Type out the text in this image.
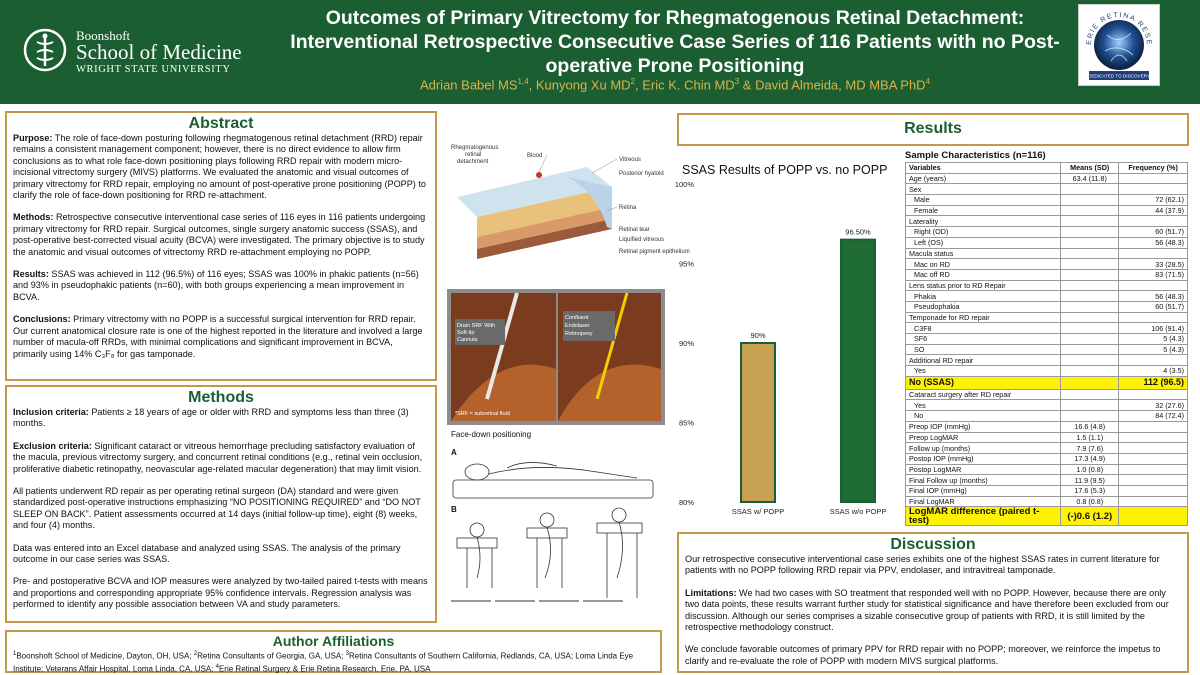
Boonshoft
School of Medicine
WRIGHT STATE UNIVERSITY
Outcomes of Primary Vitrectomy for Rhegmatogenous Retinal Detachment: Interventional Retrospective Consecutive Case Series of 116 Patients with no Post-operative Prone Positioning
Adrian Babel MS$^{1,4}$, Kunyong Xu $MD^2$, Eric K. Chin $MD^3$ & David Almeida, MD MBA PhD$^4$
ERIE RETINA RESE
DEDICATED TO DISCOVERY
Abstract

Purpose: The role of face-down posturing following rhegmatogenous retinal detachment (RRD) repair remains a consistent management component; however, there is no direct evidence to allow firm conclusions as to what role face-down positioning plays following RRD repair with modern micro-incisional vitrectomy surgery (MIVS) platforms. We evaluated the anatomic and visual outcomes of primary vitrectomy for RRD repair, employing no amount of post-operative prone positioning (POPP) to clarify the role of face-down positioning for RRD re-attachment.

Methods: Retrospective consecutive interventional case series of 116 eyes in 116 patients undergoing primary vitrectomy for RRD repair. Surgical outcomes, single surgery anatomic success (SSAS), and post-operative best-corrected visual acuity (BCVA) were investigated. The primary objective is to study the anatomic and visual outcomes of vitrectomy RRD re-attachment employing no POPP.

Results: SSAS was achieved in 112 (96.5%) of 116 eyes; SSAS was 100% in phakic patients (n=56) and 93% in pseudophakic patients (n=60), with both groups experiencing a mean improvement in BCVA.

Conclusions: Primary vitrectomy with no POPP is a successful surgical intervention for RRD repair. Our current anatomical closure rate is one of the highest reported in the literature and involved a large number of macula-off RRDs, with minimal complications and significant improvement in BCVA, primarily using 14% C₃F₈ for gas tamponade.

Methods

Inclusion criteria: Patients ≥ 18 years of age or older with RRD and symptoms less than three (3) months.

Exclusion criteria: Significant cataract or vitreous hemorrhage precluding satisfactory evaluation of the macula, previous vitrectomy surgery, and concurrent retinal conditions (e.g., retinal vein occlusion, proliferative diabetic retinopathy, neovascular age-related macular degeneration) that may limit vision.

All patients underwent RD repair as per operating retinal surgeon (DA) standard and were given standardized post-operative instructions emphasizing “NO POSITIONING REQUIRED” and “DO NOT SLEEP ON BACK”. Patient assessments occurred at 14 days (initial follow-up time), eight (8) weeks, and four (4) months.

Data was entered into an Excel database and analyzed using SSAS. The analysis of the primary outcome in our case series was SSAS.

Pre- and postoperative BCVA and IOP measures were analyzed by two-tailed paired t-tests with means and proportions and corresponding appropriate 95% confidence intervals. Regression analysis was performed to identify any possible association between VA and study parameters.

Author Affiliations
$^1$Boonshoft School of Medicine, Dayton, OH, USA; $^2$Retina Consultants of Georgia, GA, USA; $^3$Retina Consultants of Southern California, Redlands, CA, USA; Loma Linda Eye Institute; Veterans Affair Hospital, Loma Linda, CA, USA; $^4$Erie Retinal Surgery & Erie Retina Research, Erie, PA, USA
Rhegmatogenous
retinal
detachment
Blood
Vitreous
Posterior hyaloid
Retina
Retinal tear
Liquified vitreous
Retinal pigment epithelium
Drain SRF With
Soft-tip
Cannula
Confluent
Endolaser
Retinopexy
*SRF = subretinal fluid
Face-down positioning
A
B
Results
SSAS Results of POPP vs. no POPP
80%
85%
90%
95%
100%
90%
SSAS w/ POPP
96.50%
SSAS w/o POPP
Sample Characteristics (n=116)
Variables	Means (SD)	Frequency (%)
Age (years)	63.4 (11.8)	
Sex		
Male		72 (62.1)
Female		44 (37.9)
Laterality		
Right (OD)		60 (51.7)
Left (OS)		56 (48.3)
Macula status		
Mac on RD		33 (28.5)
Mac off RD		83 (71.5)
Lens status prior to RD Repair		
Phakia		56 (48.3)
Pseudophakia		60 (51.7)
Temponade for RD repair		
C3F8		106 (91.4)
SF6		5 (4.3)
SO		5 (4.3)
Additional RD repair		
Yes		4 (3.5)
No (SSAS)		112 (96.5)
Cataract surgery after RD repair		
Yes		32 (27.6)
No		84 (72.4)
Preop IOP (mmHg)	16.6 (4.8)	
Preop LogMAR	1.5 (1.1)	
Follow up (months)	7.9 (7.6)	
Postop IOP (mmHg)	17.3 (4.9)	
Postop LogMAR	1.0 (0.8)	
Final Follow up (months)	11.9 (9.5)	
Final IOP (mmHg)	17.6 (5.3)	
Final LogMAR	0.8 (0.8)	
LogMAR difference (paired t-test)	(-)0.6 (1.2)	
Discussion

Our retrospective consecutive interventional case series exhibits one of the highest SSAS rates in current literature for patients with no POPP following RRD repair via PPV, endolaser, and intravitreal tamponade.

Limitations: We had two cases with SO treatment that responded well with no POPP. However, because there are only two data points, these results warrant further study for statistical significance and have therefore been excluded from our discussion. Although our series comprises a sizable consecutive group of patients with RRD, it is still limited by the retrospective methodology construct.

We conclude favorable outcomes of primary PPV for RRD repair with no POPP; moreover, we reinforce the impetus to clarify and re-evaluate the role of POPP with modern MIVS surgical platforms.
